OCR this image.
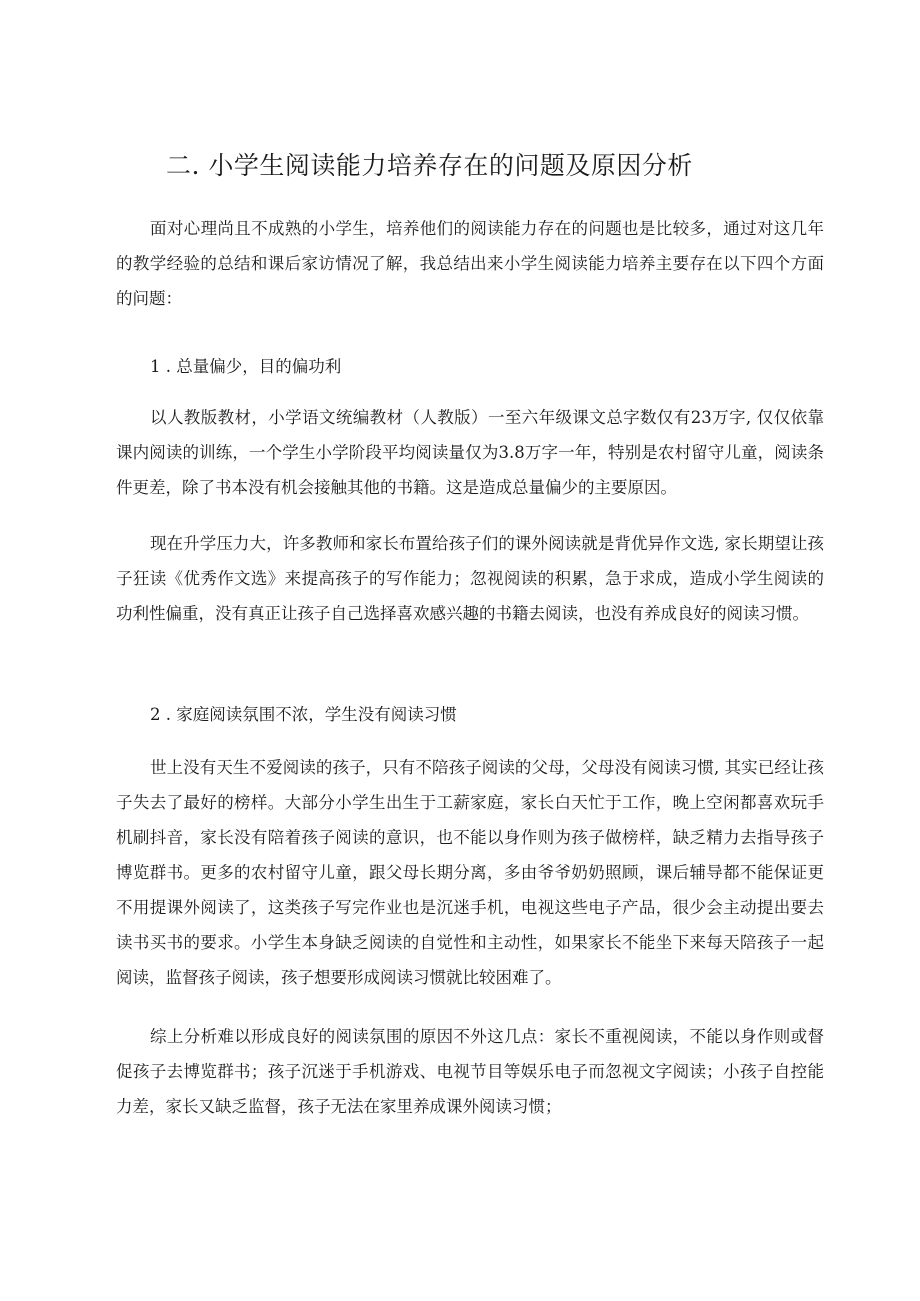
二. 小学生阅读能力培养存在的问题及原因分析

面对心理尚且不成熟的小学生，培养他们的阅读能力存在的问题也是比较多，通过对这几年的教学经验的总结和课后家访情况了解，我总结出来小学生阅读能力培养主要存在以下四个方面的问题：

1 . 总量偏少，目的偏功利

以人教版教材，小学语文统编教材（人教版）一至六年级课文总字数仅有23万字, 仅仅依靠课内阅读的训练，一个学生小学阶段平均阅读量仅为3.8万字一年，特别是农村留守儿童，阅读条件更差，除了书本没有机会接触其他的书籍。这是造成总量偏少的主要原因。

现在升学压力大，许多教师和家长布置给孩子们的课外阅读就是背优异作文选, 家长期望让孩子狂读《优秀作文选》来提高孩子的写作能力；忽视阅读的积累，急于求成，造成小学生阅读的功利性偏重，没有真正让孩子自己选择喜欢感兴趣的书籍去阅读，也没有养成良好的阅读习惯。

2 . 家庭阅读氛围不浓，学生没有阅读习惯

世上没有天生不爱阅读的孩子，只有不陪孩子阅读的父母，父母没有阅读习惯, 其实已经让孩子失去了最好的榜样。大部分小学生出生于工薪家庭，家长白天忙于工作，晚上空闲都喜欢玩手机刷抖音，家长没有陪着孩子阅读的意识，也不能以身作则为孩子做榜样，缺乏精力去指导孩子博览群书。更多的农村留守儿童，跟父母长期分离，多由爷爷奶奶照顾，课后辅导都不能保证更不用提课外阅读了，这类孩子写完作业也是沉迷手机，电视这些电子产品，很少会主动提出要去读书买书的要求。小学生本身缺乏阅读的自觉性和主动性，如果家长不能坐下来每天陪孩子一起阅读，监督孩子阅读，孩子想要形成阅读习惯就比较困难了。

综上分析难以形成良好的阅读氛围的原因不外这几点：家长不重视阅读，不能以身作则或督促孩子去博览群书；孩子沉迷于手机游戏、电视节目等娱乐电子而忽视文字阅读；小孩子自控能力差，家长又缺乏监督，孩子无法在家里养成课外阅读习惯；
